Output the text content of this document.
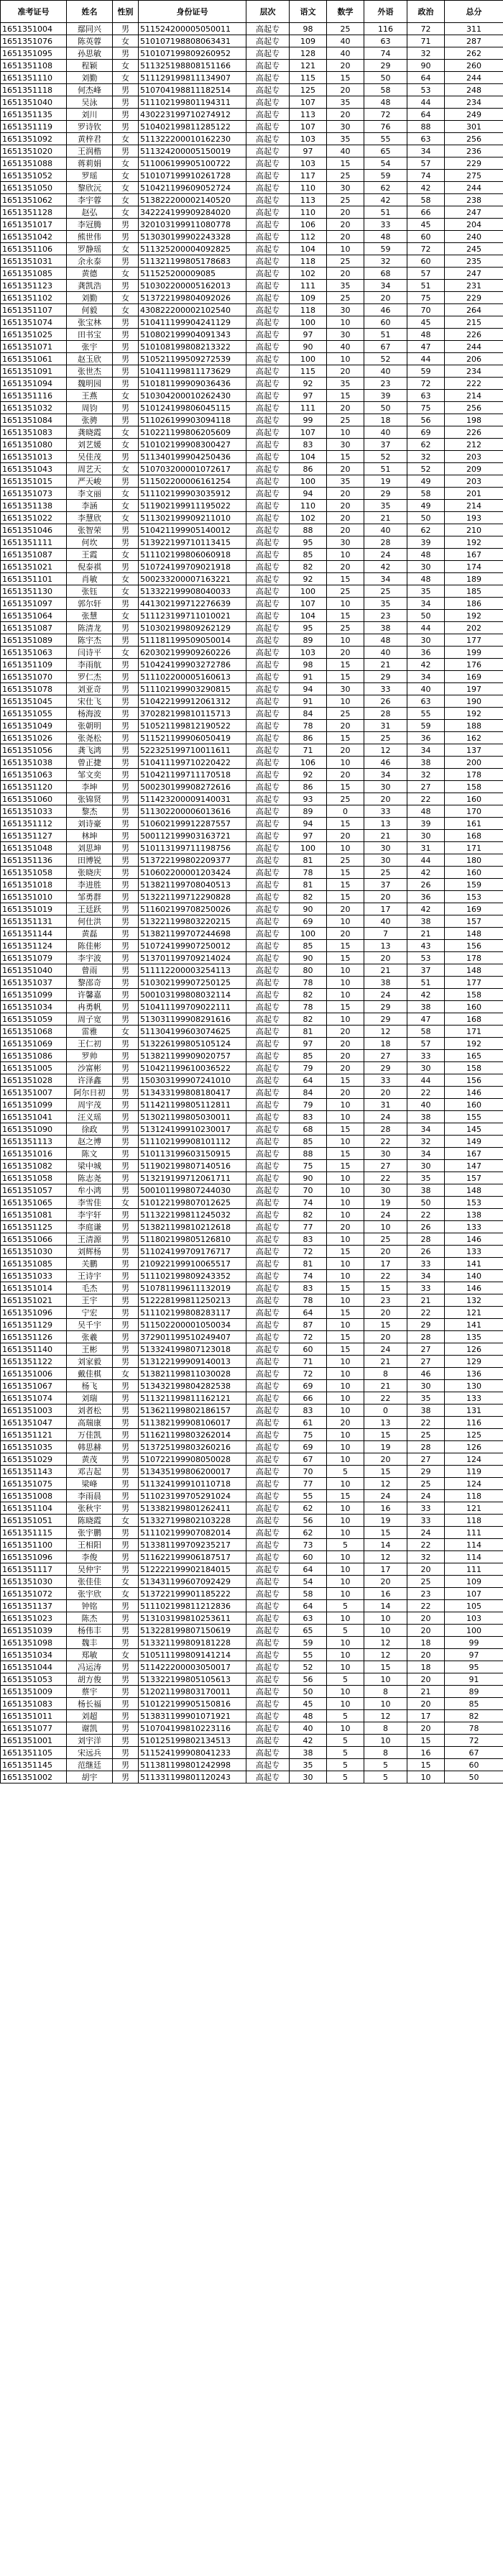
准考证号	姓名	性别	身份证号	层次	语文	数学	外语	政治	总分
1651351004	鄢同兴	男	511524200005050011	高起专	98	25	116	72	311
1651351076	陈英蓉	女	510107198808063431	高起专	109	40	63	71	287
1651351095	孙思敏	男	510107199809260952	高起专	128	40	74	32	262
1651351108	程颖	女	511325198808151166	高起专	121	20	29	90	260
1651351110	刘勤	女	511129199811134907	高起专	115	15	50	64	244
1651351118	何杰峰	男	510704198811182514	高起专	125	20	58	53	248
1651351040	吴泳	男	511102199801194311	高起专	107	35	48	44	234
1651351135	刘川	男	430223199710274912	高起专	113	20	72	64	249
1651351119	罗诗钦	男	510402199811285122	高起专	107	30	76	88	301
1651351092	黄梓君	女	511322200010162230	高起专	103	35	55	63	256
1651351020	王润楷	男	511324200005150019	高起专	97	40	65	34	236
1651351088	蒋莉娟	女	511006199905100722	高起专	103	15	54	57	229
1651351052	罗瑶	女	510107199910261728	高起专	117	25	59	74	275
1651351050	黎欣沅	女	510421199609052724	高起专	110	30	62	42	244
1651351062	李宇蓉	女	513822200002140520	高起专	113	25	42	58	238
1651351128	赵弘	女	342224199909284020	高起专	110	20	51	66	247
1651351017	李冠腾	男	320103199911080778	高起专	106	20	33	45	204
1651351042	熊世伟	男	513030199902243328	高起专	112	20	48	60	240
1651351106	罗静瑶	女	511325200004092825	高起专	104	10	59	72	245
1651351031	余永泰	男	511321199805178683	高起专	118	25	32	60	235
1651351085	黄德	女	511525200009085	高起专	102	20	68	57	247
1651351123	龚凯浩	男	510302200005162013	高起专	111	35	34	51	231
1651351102	刘勤	女	513722199804092026	高起专	109	25	20	75	229
1651351107	何毅	女	430822200002102540	高起专	118	30	46	70	264
1651351074	张宝林	男	510411199904241129	高起专	100	10	60	45	215
1651351025	田书宝	男	510802199904091343	高起专	97	30	51	48	226
1651351071	张宇	男	510108199808213322	高起专	90	40	67	47	244
1651351061	赵玉欣	男	510521199509272539	高起专	100	10	52	44	206
1651351091	张世杰	男	510411199811173629	高起专	115	20	40	59	234
1651351094	魏明园	男	510181199909036436	高起专	92	35	23	72	222
1651351116	王燕	女	510304200010262430	高起专	97	15	39	63	214
1651351032	周钧	男	510124199806045115	高起专	111	20	50	75	256
1651351084	张骋	男	511026199903094118	高起专	99	25	18	56	198
1651351083	龚晓霞	女	510221199806205609	高起专	107	10	40	69	226
1651351080	刘艺媛	女	510102199908300427	高起专	83	30	37	62	212
1651351013	吴佳茂	男	511340199904250436	高起专	104	15	52	32	203
1651351043	周艺天	女	510703200001072617	高起专	86	20	51	52	209
1651351015	严天峻	男	511502200006161254	高起专	100	35	19	49	203
1651351073	李文丽	女	511102199903035912	高起专	94	20	29	58	201
1651351138	李涵	女	511902199911195022	高起专	110	20	35	49	214
1651351022	李慧欣	女	511302199909211010	高起专	102	20	21	50	193
1651351046	张智荣	男	510421199905140012	高起专	88	20	40	62	210
1651351111	何坎	男	513922199710113415	高起专	95	30	28	39	192
1651351087	王霞	女	511102199806060918	高起专	85	10	24	48	167
1651351021	倪泰祺	男	510724199709021918	高起专	82	20	42	30	174
1651351101	肖敏	女	500233200007163221	高起专	92	15	34	48	189
1651351130	张钰	女	513322199908040033	高起专	100	25	25	35	185
1651351097	郭尔轩	男	441302199712276639	高起专	107	10	35	34	186
1651351064	张慧	女	511123199711010021	高起专	104	15	23	50	192
1651351087	陈清龙	男	510302199809262129	高起专	95	25	38	44	202
1651351089	陈宇杰	男	511181199509050014	高起专	89	10	48	30	177
1651351063	闫诗平	女	620302199909260226	高起专	103	20	40	36	199
1651351109	李雨航	男	510424199903272786	高起专	98	15	21	42	176
1651351070	罗仁杰	男	511102200005160613	高起专	91	15	29	34	169
1651351078	刘亚奇	男	511102199903290815	高起专	94	30	33	40	197
1651351045	宋仕飞	男	510422199912061312	高起专	91	10	26	63	190
1651351055	杨海波	男	370282199810115713	高起专	84	25	28	55	192
1651351049	张朝明	男	510521199812190522	高起专	78	20	31	59	188
1651351026	张尧松	男	511521199906050419	高起专	86	15	25	36	162
1651351056	龚飞鸿	男	522325199710011611	高起专	71	20	12	34	137
1651351038	曾正捷	男	510411199710220422	高起专	106	10	46	38	200
1651351063	邹文奕	男	510421199711170518	高起专	92	20	34	32	178
1651351120	李坤	男	500230199908272616	高起专	86	15	30	27	158
1651351060	张锦贤	男	511423200009140031	高起专	93	25	20	22	160
1651351033	黎杰	男	511302200006013616	高起专	89	0	33	48	170
1651351112	刘诗豪	男	510602199912287557	高起专	94	15	13	39	161
1651351127	林坤	男	500112199903163721	高起专	97	20	21	30	168
1651351048	刘思坤	男	510113199711198756	高起专	100	10	30	31	171
1651351136	田博锐	男	513722199802209377	高起专	81	25	30	44	180
1651351058	张晓庆	男	510602200001203424	高起专	78	15	25	42	160
1651351018	李进胜	男	513821199708040513	高起专	81	15	37	26	159
1651351010	邹勇群	男	513221199712290828	高起专	82	15	20	36	153
1651351019	王廷跃	男	511602199708250026	高起专	90	20	17	42	169
1651351131	何仕洪	男	513221199803220215	高起专	69	10	40	38	157
1651351144	黄磊	男	513821199707244698	高起专	100	20	7	21	148
1651351124	陈佳彬	男	510724199907250012	高起专	85	15	13	43	156
1651351079	李宇波	男	513701199709214024	高起专	90	15	20	53	178
1651351040	曾雨	男	511112200003254113	高起专	80	10	21	37	148
1651351037	黎邵奇	男	510302199907250125	高起专	78	10	38	51	177
1651351099	许馨嘉	男	500103199808032114	高起专	82	10	24	42	158
1651351034	冉勇帆	男	510411199709022111	高起专	78	15	29	38	160
1651351059	周子宽	男	513031199908291616	高起专	82	10	29	47	168
1651351068	雷雅	女	511304199603074625	高起专	81	20	12	58	171
1651351069	王仁初	男	513226199805105124	高起专	97	20	18	57	192
1651351086	罗帅	男	513821199909020757	高起专	85	20	27	33	165
1651351005	沙富彬	男	510421199610036522	高起专	79	20	29	30	158
1651351028	许泽鑫	男	150303199907241010	高起专	64	15	33	44	156
1651351007	阿尔日初	男	513433199808180417	高起专	84	20	20	22	146
1651351099	周宇茂	男	511421199805112811	高起专	79	10	31	40	160
1651351041	汪义瑶	男	513021199805030011	高起专	83	10	24	38	155
1651351090	徐政	男	513124199910230017	高起专	68	15	28	34	145
1651351113	赵之博	男	511102199908101112	高起专	85	10	22	32	149
1651351016	陈文	男	510113199603150915	高起专	88	15	30	34	167
1651351082	梁中城	男	511902199807140516	高起专	75	15	27	30	147
1651351058	陈志尧	男	513219199712061711	高起专	90	10	22	35	157
1651351057	牟小鸿	男	500101199807244030	高起专	70	10	30	38	148
1651351065	李雪佳	女	510122199807012625	高起专	74	10	19	50	153
1651351081	李宇轩	男	511322199811245032	高起专	82	10	24	22	138
1651351125	李庭谦	男	513821199810212618	高起专	77	20	10	26	133
1651351066	王清源	男	511802199805126810	高起专	83	10	25	28	146
1651351030	刘辉杨	男	511024199709176717	高起专	72	15	20	26	133
1651351085	关鹏	男	210922199910065517	高起专	81	10	17	33	141
1651351033	王诗宇	男	511102199809243352	高起专	74	10	22	34	140
1651351014	毛杰	男	510781199611132019	高起专	83	15	15	33	146
1651351021	王宇	男	512228199811250213	高起专	78	10	23	21	132
1651351096	宁宏	男	511102199808283117	高起专	64	15	20	22	121
1651351129	吴千宇	男	511502200001050034	高起专	87	10	15	29	141
1651351126	张羲	男	372901199510249407	高起专	72	15	20	28	135
1651351140	王彬	男	513324199807123018	高起专	60	15	24	27	126
1651351122	刘家毅	男	513122199909140013	高起专	71	10	21	27	129
1651351006	戴佳棋	女	513821199811030028	高起专	72	10	8	46	136
1651351067	杨飞	男	513432199804282538	高起专	69	10	21	30	130
1651351074	刘瑞	男	511321199811162121	高起专	66	10	22	35	133
1651351003	刘者松	男	513621199802186157	高起专	83	10	0	38	131
1651351047	高瑞康	男	511382199908106017	高起专	61	20	13	22	116
1651351121	万佳凯	男	511621199803262014	高起专	75	10	15	25	125
1651351035	韩思赫	男	513725199803260216	高起专	69	10	19	28	126
1651351029	黄茂	男	510722199908050028	高起专	67	10	20	27	124
1651351143	邓吉起	男	513435199806200017	高起专	70	5	15	29	119
1651351075	梁峰	男	511324199910110718	高起专	77	10	12	25	124
1651351008	李雨晨	男	511023199705291024	高起专	55	15	24	24	118
1651351104	张秋宇	男	513382199801262411	高起专	62	10	16	33	121
1651351051	陈晓霞	女	513327199802103228	高起专	56	10	19	33	118
1651351115	张宇鹏	男	511102199907082014	高起专	62	10	15	24	111
1651351100	王相阳	男	513381199709235217	高起专	73	5	14	22	114
1651351096	李俊	男	511622199906187517	高起专	60	10	12	32	114
1651351117	吴仲宇	男	512222199902184015	高起专	64	10	17	20	111
1651351030	张佳佳	女	513431199607092429	高起专	54	10	20	25	109
1651351072	张宇欣	女	513722199901185222	高起专	58	10	16	23	107
1651351137	钟铭	男	511102199811212836	高起专	64	5	14	22	105
1651351023	陈杰	男	513103199810253611	高起专	63	10	10	20	103
1651351039	杨伟丰	男	513228199807150619	高起专	65	5	10	20	100
1651351098	魏丰	男	513321199809181228	高起专	59	10	12	18	99
1651351034	郑敏	女	510511199809141214	高起专	55	10	12	20	97
1651351044	冯运涛	男	511422200003050017	高起专	52	10	15	18	95
1651351053	胡方俊	男	513322199805105613	高起专	56	5	10	20	91
1651351009	蔡宇	男	512021199803170011	高起专	50	10	8	21	89
1651351083	杨长福	男	510122199905150816	高起专	45	10	10	20	85
1651351011	刘超	男	513831199901071921	高起专	48	5	12	17	82
1651351077	谢凯	男	510704199810223116	高起专	40	10	8	20	78
1651351001	刘宇洋	男	510125199802134513	高起专	42	5	10	15	72
1651351105	宋远兵	男	511524199908041233	高起专	38	5	8	16	67
1651351145	范继廷	男	511381199801242998	高起专	35	5	5	15	60
1651351002	胡宇	男	511331199801120243	高起专	30	5	5	10	50
